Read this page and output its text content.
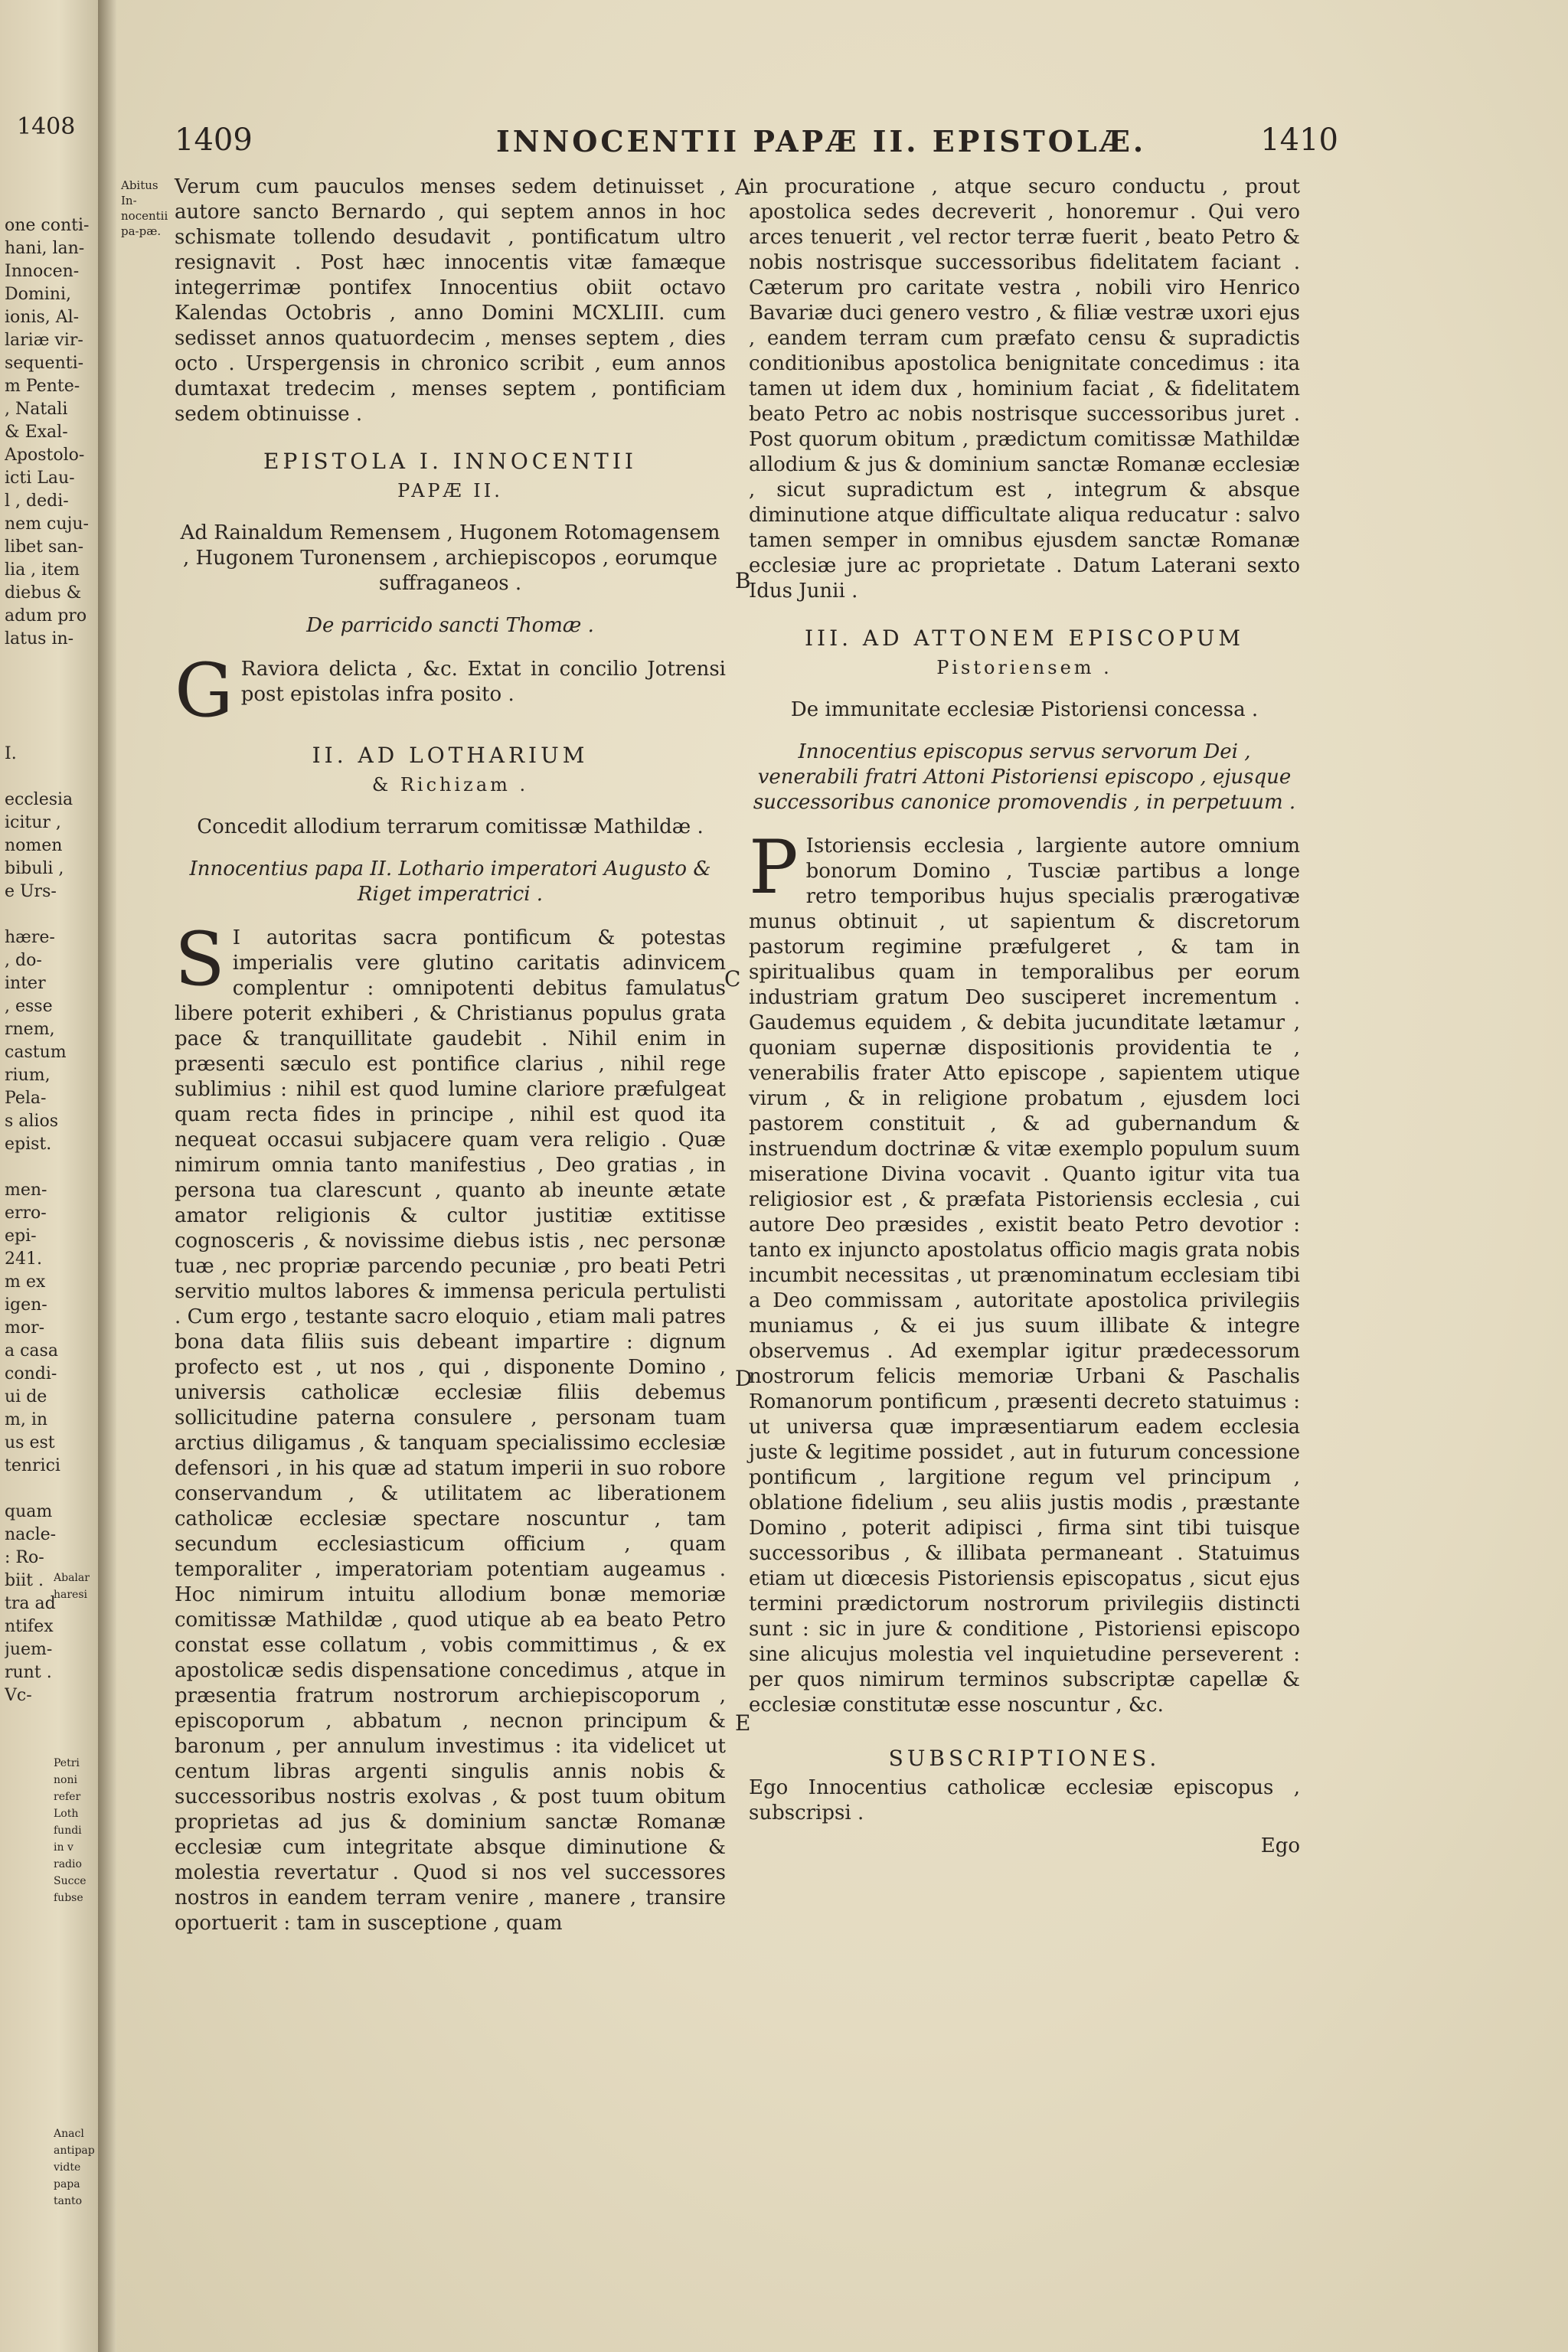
1408
one conti-
hani, lan-
Innocen-
Domini,
ionis, Al-
lariæ vir-
sequenti-
m Pente-
, Natali
& Exal-
Apostolo-
icti Lau-
l , dedi-
nem cuju-
libet san-
lia , item
diebus &
adum pro
latus in-

I.

ecclesia
icitur ,
nomen
bibuli ,
e Urs-

hære-
, do-
inter
, esse
rnem,
castum
rium,
Pela-
s alios
epist.

men-
erro-
epi-
241.
m ex
igen-
mor-
a casa
condi-
ui de
m, in
us est
tenrici

quam
nacle-
: Ro-
biit .
tra ad
ntifex
juem-
runt .
Vc-
Abalar
haresi

Petri
noni
refer
Loth
fundi
in v
radio
Succe
fubse

Anacl
antipap
vidte
papa
tanto
1409	INNOCENTII PAPÆ II. EPISTOLÆ.	1410
Abitus In-nocentii pa-pæ.

Verum cum pauculos menses sedem detinuisset , autore sancto Bernardo , qui septem annos in hoc schismate tollendo desudavit , pontificatum ultro resignavit . Post hæc innocentis vitæ famæque integerrimæ pontifex Innocentius obiit octavo Kalendas Octobris , anno Domini MCXLIII. cum sedisset annos quatuordecim , menses septem , dies octo . Urspergensis in chronico scribit , eum annos dumtaxat tredecim , menses septem , pontificiam sedem obtinuisse .

EPISTOLA I. INNOCENTII
PAPÆ II.
Ad Rainaldum Remensem , Hugonem Rotomagensem , Hugonem Turonensem , archiepiscopos , eorumque suffraganeos .
De parricido sancti Thomæ .

G Raviora delicta , &c. Extat in concilio Jotrensi post epistolas infra posito .

II. AD LOTHARIUM
& Richizam .
Concedit allodium terrarum comitissæ Mathildæ .
Innocentius papa II. Lothario imperatori Augusto & Riget imperatrici .

S I autoritas sacra pontificum & potestas imperialis vere glutino caritatis adinvicem complentur : omnipotenti debitus famulatus libere poterit exhiberi , & Christianus populus grata pace & tranquillitate gaudebit . Nihil enim in præsenti sæculo est pontifice clarius , nihil rege sublimius : nihil est quod lumine clariore præfulgeat quam recta fides in principe , nihil est quod ita nequeat occasui subjacere quam vera religio . Quæ nimirum omnia tanto manifestius , Deo gratias , in persona tua clarescunt , quanto ab ineunte ætate amator religionis & cultor justitiæ extitisse cognosceris , & novissime diebus istis , nec personæ tuæ , nec propriæ parcendo pecuniæ , pro beati Petri servitio multos labores & immensa pericula pertulisti . Cum ergo , testante sacro eloquio , etiam mali patres bona data filiis suis debeant impartire : dignum profecto est , ut nos , qui , disponente Domino , universis catholicæ ecclesiæ filiis debemus sollicitudine paterna consulere , personam tuam arctius diligamus , & tanquam specialissimo ecclesiæ defensori , in his quæ ad statum imperii in suo robore conservandum , & utilitatem ac liberationem catholicæ ecclesiæ spectare noscuntur , tam secundum ecclesiasticum officium , quam temporaliter , imperatoriam potentiam augeamus . Hoc nimirum intuitu allodium bonæ memoriæ comitissæ Mathildæ , quod utique ab ea beato Petro constat esse collatum , vobis committimus , & ex apostolicæ sedis dispensatione concedimus , atque in præsentia fratrum nostrorum archiepiscoporum , episcoporum , abbatum , necnon principum & baronum , per annulum investimus : ita videlicet ut centum libras argenti singulis annis nobis & successoribus nostris exolvas , & post tuum obitum proprietas ad jus & dominium sanctæ Romanæ ecclesiæ cum integritate absque diminutione & molestia revertatur . Quod si nos vel successores nostros in eandem terram venire , manere , transire oportuerit : tam in susceptione , quam

in procuratione , atque securo conductu , prout apostolica sedes decreverit , honoremur . Qui vero arces tenuerit , vel rector terræ fuerit , beato Petro & nobis nostrisque successoribus fidelitatem faciant . Cæterum pro caritate vestra , nobili viro Henrico Bavariæ duci genero vestro , & filiæ vestræ uxori ejus , eandem terram cum præfato censu & supradictis conditionibus apostolica benignitate concedimus : ita tamen ut idem dux , hominium faciat , & fidelitatem beato Petro ac nobis nostrisque successoribus juret . Post quorum obitum , prædictum comitissæ Mathildæ allodium & jus & dominium sanctæ Romanæ ecclesiæ , sicut supradictum est , integrum & absque diminutione atque difficultate aliqua reducatur : salvo tamen semper in omnibus ejusdem sanctæ Romanæ ecclesiæ jure ac proprietate . Datum Laterani sexto Idus Junii .

III. AD ATTONEM EPISCOPUM
Pistoriensem .
De immunitate ecclesiæ Pistoriensi concessa .
Innocentius episcopus servus servorum Dei , venerabili fratri Attoni Pistoriensi episcopo , ejusque successoribus canonice promovendis , in perpetuum .

P Istoriensis ecclesia , largiente autore omnium bonorum Domino , Tusciæ partibus a longe retro temporibus hujus specialis prærogativæ munus obtinuit , ut sapientum & discretorum pastorum regimine præfulgeret , & tam in spiritualibus quam in temporalibus per eorum industriam gratum Deo susciperet incrementum . Gaudemus equidem , & debita jucunditate lætamur , quoniam supernæ dispositionis providentia te , venerabilis frater Atto episcope , sapientem utique virum , & in religione probatum , ejusdem loci pastorem constituit , & ad gubernandum & instruendum doctrinæ & vitæ exemplo populum suum miseratione Divina vocavit . Quanto igitur vita tua religiosior est , & præfata Pistoriensis ecclesia , cui autore Deo præsides , existit beato Petro devotior : tanto ex injuncto apostolatus officio magis grata nobis incumbit necessitas , ut prænominatum ecclesiam tibi a Deo commissam , autoritate apostolica privilegiis muniamus , & ei jus suum illibate & integre observemus . Ad exemplar igitur prædecessorum nostrorum felicis memoriæ Urbani & Paschalis Romanorum pontificum , præsenti decreto statuimus : ut universa quæ impræsentiarum eadem ecclesia juste & legitime possidet , aut in futurum concessione pontificum , largitione regum vel principum , oblatione fidelium , seu aliis justis modis , præstante Domino , poterit adipisci , firma sint tibi tuisque successoribus , & illibata permaneant . Statuimus etiam ut diœcesis Pistoriensis episcopatus , sicut ejus termini prædictorum nostrorum privilegiis distincti sunt : sic in jure & conditione , Pistoriensi episcopo sine alicujus molestia vel inquietudine perseverent : per quos nimirum terminos subscriptæ capellæ & ecclesiæ constitutæ esse noscuntur , &c.

SUBSCRIPTIONES.

Ego Innocentius catholicæ ecclesiæ episcopus , subscripsi .

Ego
A
B
C
D
E
